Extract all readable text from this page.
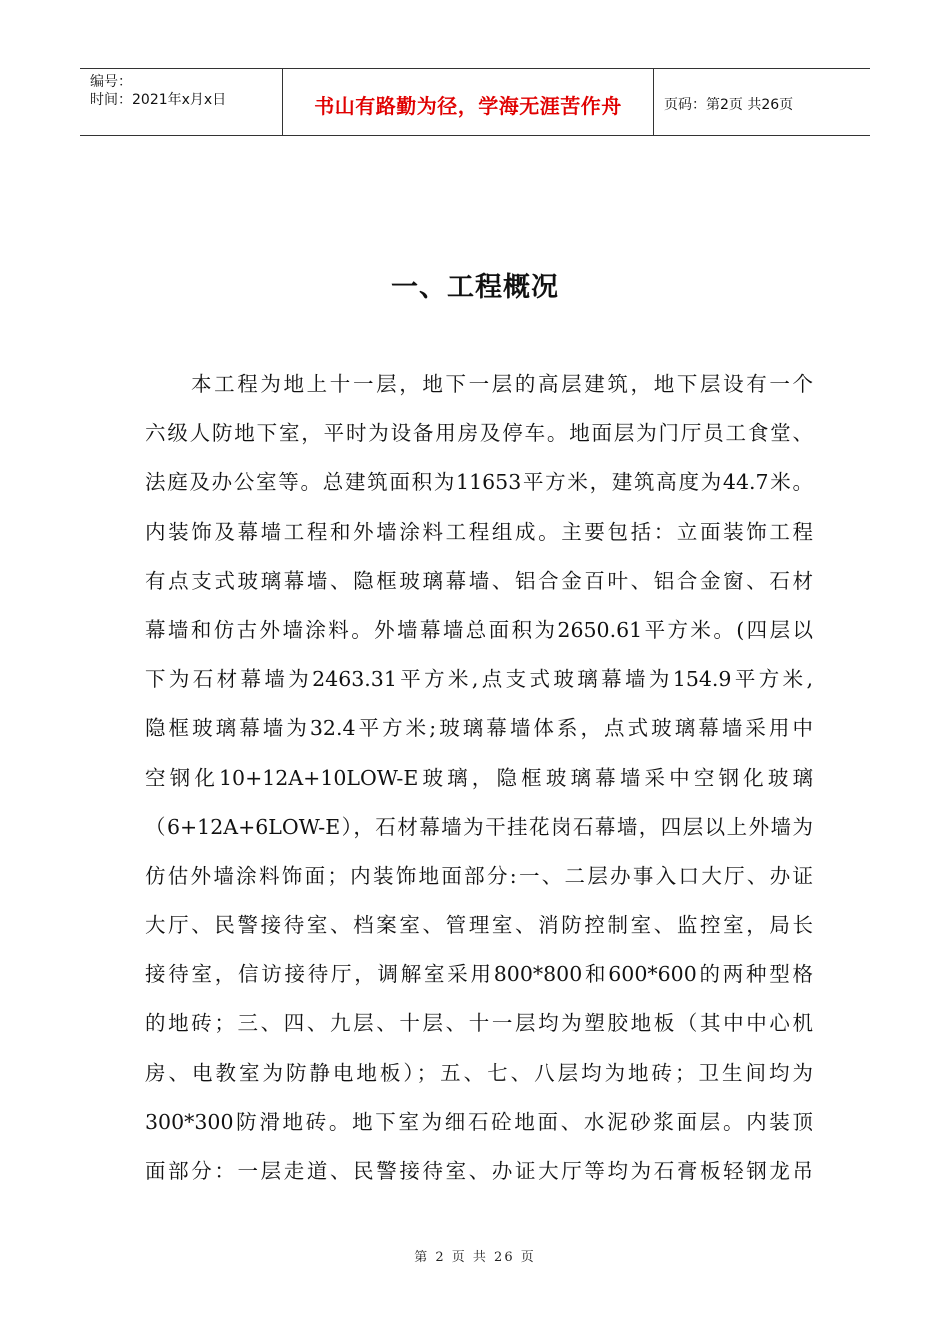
编号：
时间：2021年x月x日	书山有路勤为径，学海无涯苦作舟	页码：第2页 共26页
一、工程概况
本工程为地上十一层，地下一层的高层建筑，地下层设有一个
六级人防地下室，平时为设备用房及停车。地面层为门厅员工食堂、
法庭及办公室等。总建筑面积为11653平方米，建筑高度为44.7米。
内装饰及幕墙工程和外墙涂料工程组成。主要包括：立面装饰工程
有点支式玻璃幕墙、隐框玻璃幕墙、铝合金百叶、铝合金窗、石材
幕墙和仿古外墙涂料。外墙幕墙总面积为2650.61平方米。(四层以
下为石材幕墙为2463.31平方米,点支式玻璃幕墙为154.9平方米,
隐框玻璃幕墙为32.4平方米;玻璃幕墙体系，点式玻璃幕墙采用中
空钢化10+12A+10LOW-E玻璃，隐框玻璃幕墙采中空钢化玻璃
（6+12A+6LOW-E），石材幕墙为干挂花岗石幕墙，四层以上外墙为
仿估外墙涂料饰面；内装饰地面部分:一、二层办事入口大厅、办证
大厅、民警接待室、档案室、管理室、消防控制室、监控室，局长
接待室，信访接待厅，调解室采用800*800和600*600的两种型格
的地砖；三、四、九层、十层、十一层均为塑胶地板（其中中心机
房、电教室为防静电地板）；五、七、八层均为地砖；卫生间均为
300*300防滑地砖。地下室为细石砼地面、水泥砂浆面层。内装顶
面部分：一层走道、民警接待室、办证大厅等均为石膏板轻钢龙吊
第 2 页 共 26 页
